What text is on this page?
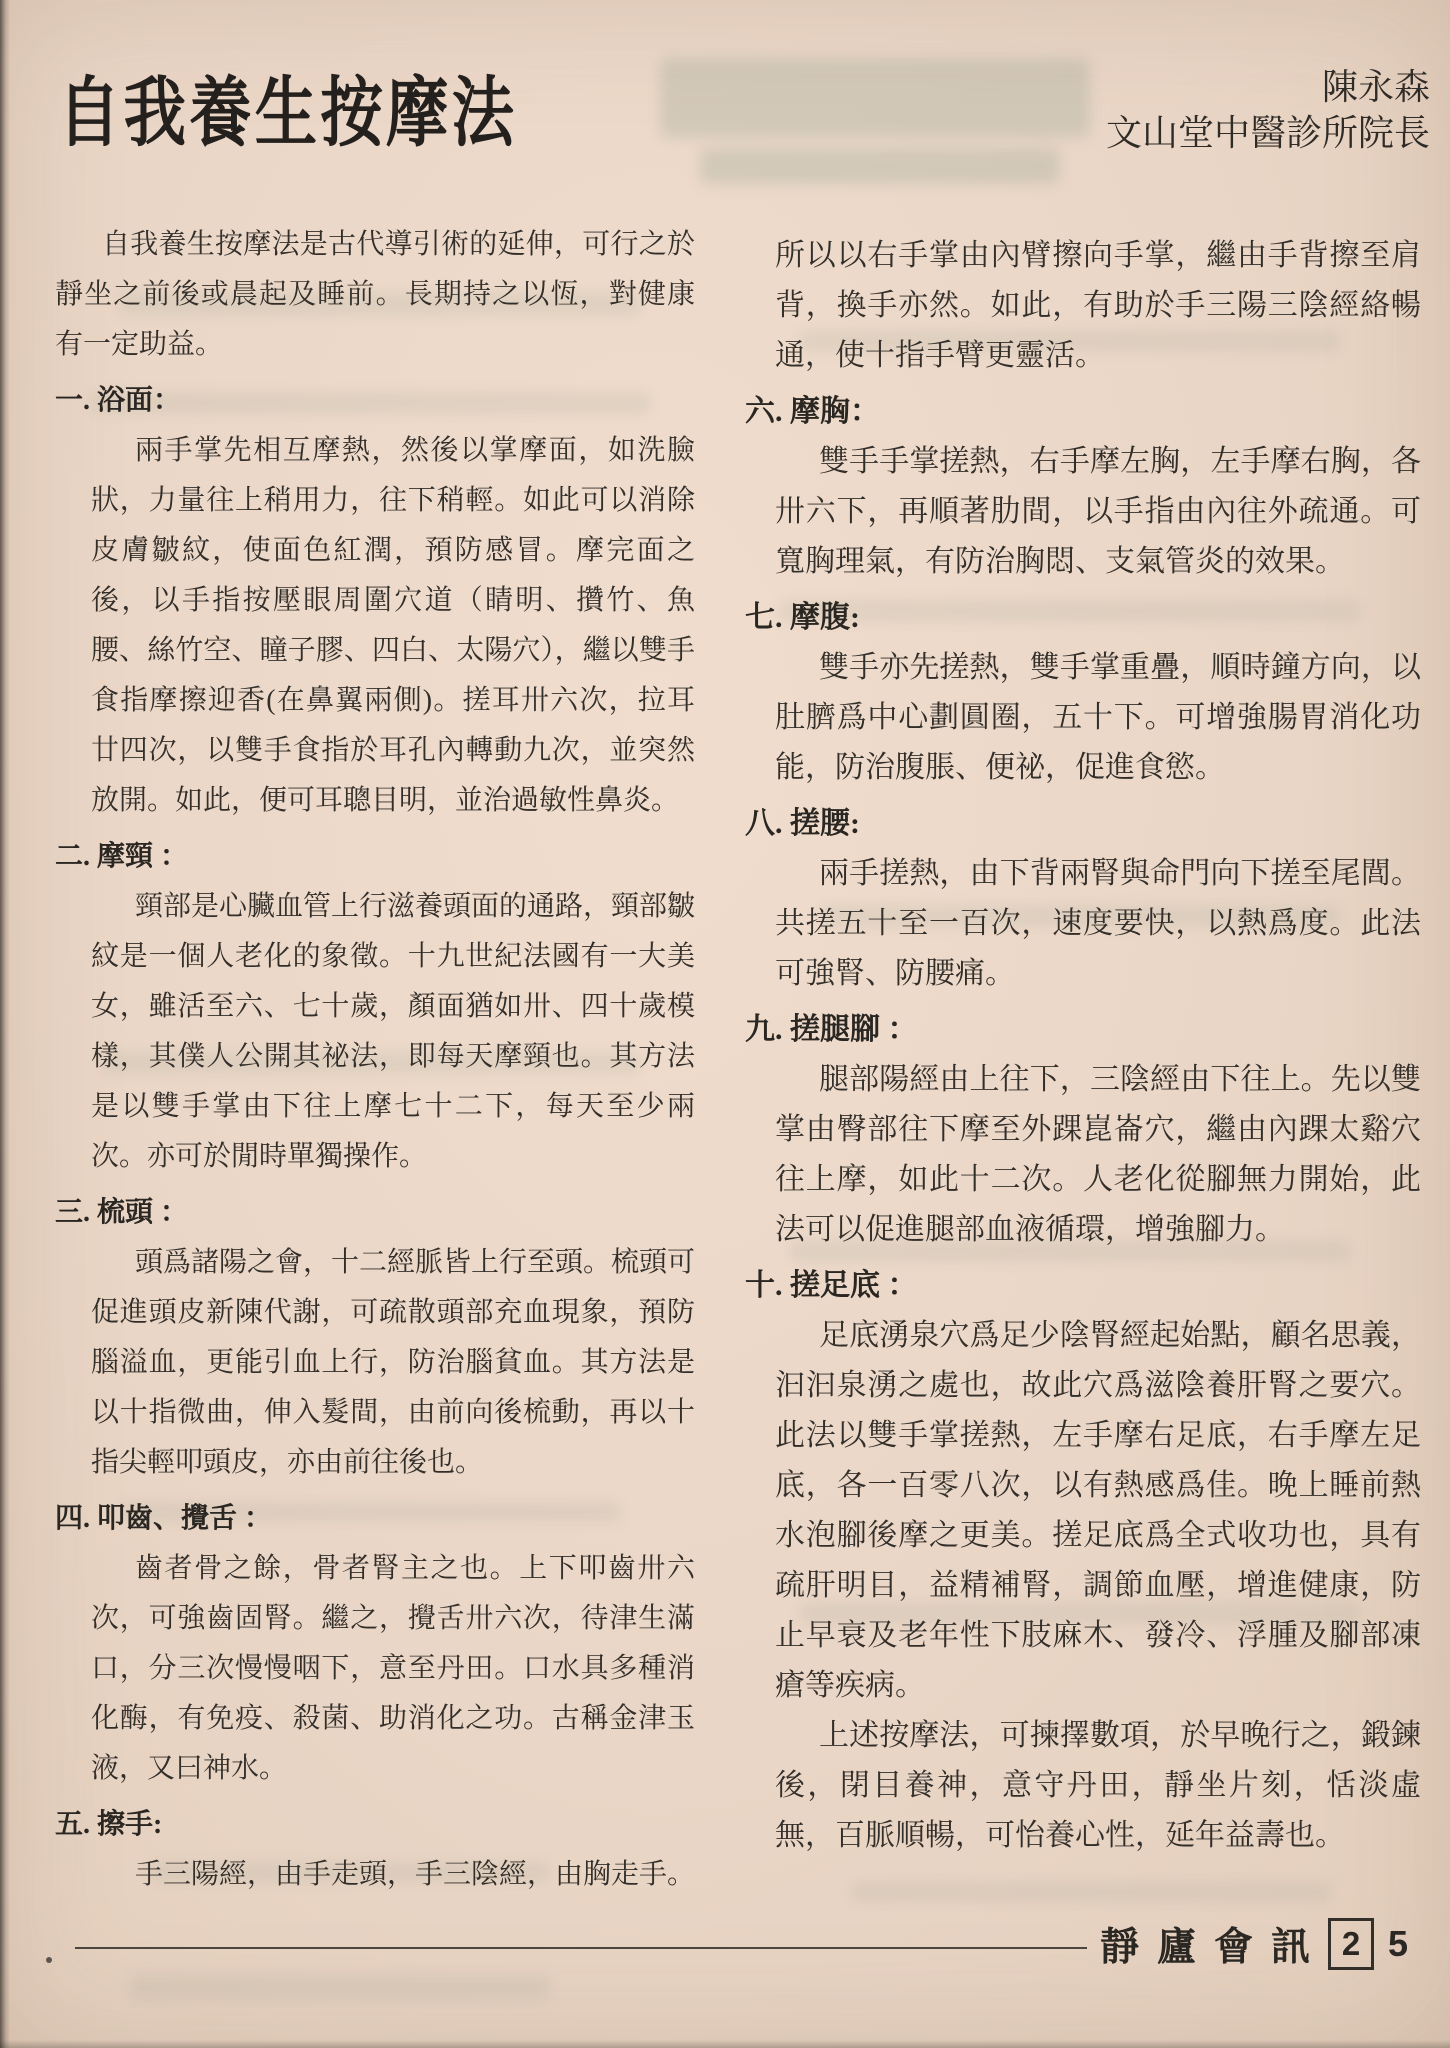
自我養生按摩法	陳永森
文山堂中醫診所院長

自我養生按摩法是古代導引術的延伸，可行之於靜坐之前後或晨起及睡前。長期持之以恆，對健康有一定助益。

一. 浴面：

兩手掌先相互摩熱，然後以掌摩面，如洗臉狀，力量往上稍用力，往下稍輕。如此可以消除皮膚皺紋，使面色紅潤，預防感冒。摩完面之後，以手指按壓眼周圍穴道（睛明、攢竹、魚腰、絲竹空、瞳子膠、四白、太陽穴），繼以雙手食指摩擦迎香(在鼻翼兩側)。搓耳卅六次，拉耳廿四次，以雙手食指於耳孔內轉動九次，並突然放開。如此，便可耳聰目明，並治過敏性鼻炎。

二. 摩頸 ：

頸部是心臟血管上行滋養頭面的通路，頸部皺紋是一個人老化的象徵。十九世紀法國有一大美女，雖活至六、七十歲，顏面猶如卅、四十歲模樣，其僕人公開其祕法，即每天摩頸也。其方法是以雙手掌由下往上摩七十二下，每天至少兩次。亦可於閒時單獨操作。

三. 梳頭 ：

頭爲諸陽之會，十二經脈皆上行至頭。梳頭可促進頭皮新陳代謝，可疏散頭部充血現象，預防腦溢血，更能引血上行，防治腦貧血。其方法是以十指微曲，伸入髮間，由前向後梳動，再以十指尖輕叩頭皮，亦由前往後也。

四. 叩齒、攪舌 ：

齒者骨之餘，骨者腎主之也。上下叩齒卅六次，可強齒固腎。繼之，攪舌卅六次，待津生滿口，分三次慢慢咽下，意至丹田。口水具多種消化酶，有免疫、殺菌、助消化之功。古稱金津玉液，又曰神水。

五. 擦手:

手三陽經，由手走頭，手三陰經，由胸走手。

所以以右手掌由內臂擦向手掌，繼由手背擦至肩背，換手亦然。如此，有助於手三陽三陰經絡暢通，使十指手臂更靈活。

六. 摩胸：

雙手手掌搓熱，右手摩左胸，左手摩右胸，各卅六下，再順著肋間，以手指由內往外疏通。可寬胸理氣，有防治胸悶、支氣管炎的效果。

七. 摩腹:

雙手亦先搓熱，雙手掌重疊，順時鐘方向，以肚臍爲中心劃圓圈，五十下。可增強腸胃消化功能，防治腹脹、便祕，促進食慾。

八. 搓腰:

兩手搓熱，由下背兩腎與命門向下搓至尾閭。共搓五十至一百次，速度要快，以熱爲度。此法可強腎、防腰痛。

九. 搓腿腳 ：

腿部陽經由上往下，三陰經由下往上。先以雙掌由臀部往下摩至外踝崑崙穴，繼由內踝太谿穴往上摩，如此十二次。人老化從腳無力開始，此法可以促進腿部血液循環，增強腳力。

十. 搓足底 ：

足底湧泉穴爲足少陰腎經起始點，顧名思義，汩汩泉湧之處也，故此穴爲滋陰養肝腎之要穴。此法以雙手掌搓熱，左手摩右足底，右手摩左足底，各一百零八次，以有熱感爲佳。晚上睡前熱水泡腳後摩之更美。搓足底爲全式收功也，具有疏肝明目，益精補腎，調節血壓，增進健康，防止早衰及老年性下肢麻木、發冷、浮腫及腳部凍瘡等疾病。

上述按摩法，可揀擇數項，於早晚行之，鍛鍊後，閉目養神，意守丹田，靜坐片刻，恬淡虛無，百脈順暢，可怡養心性，延年益壽也。

靜廬會訊 2 5
